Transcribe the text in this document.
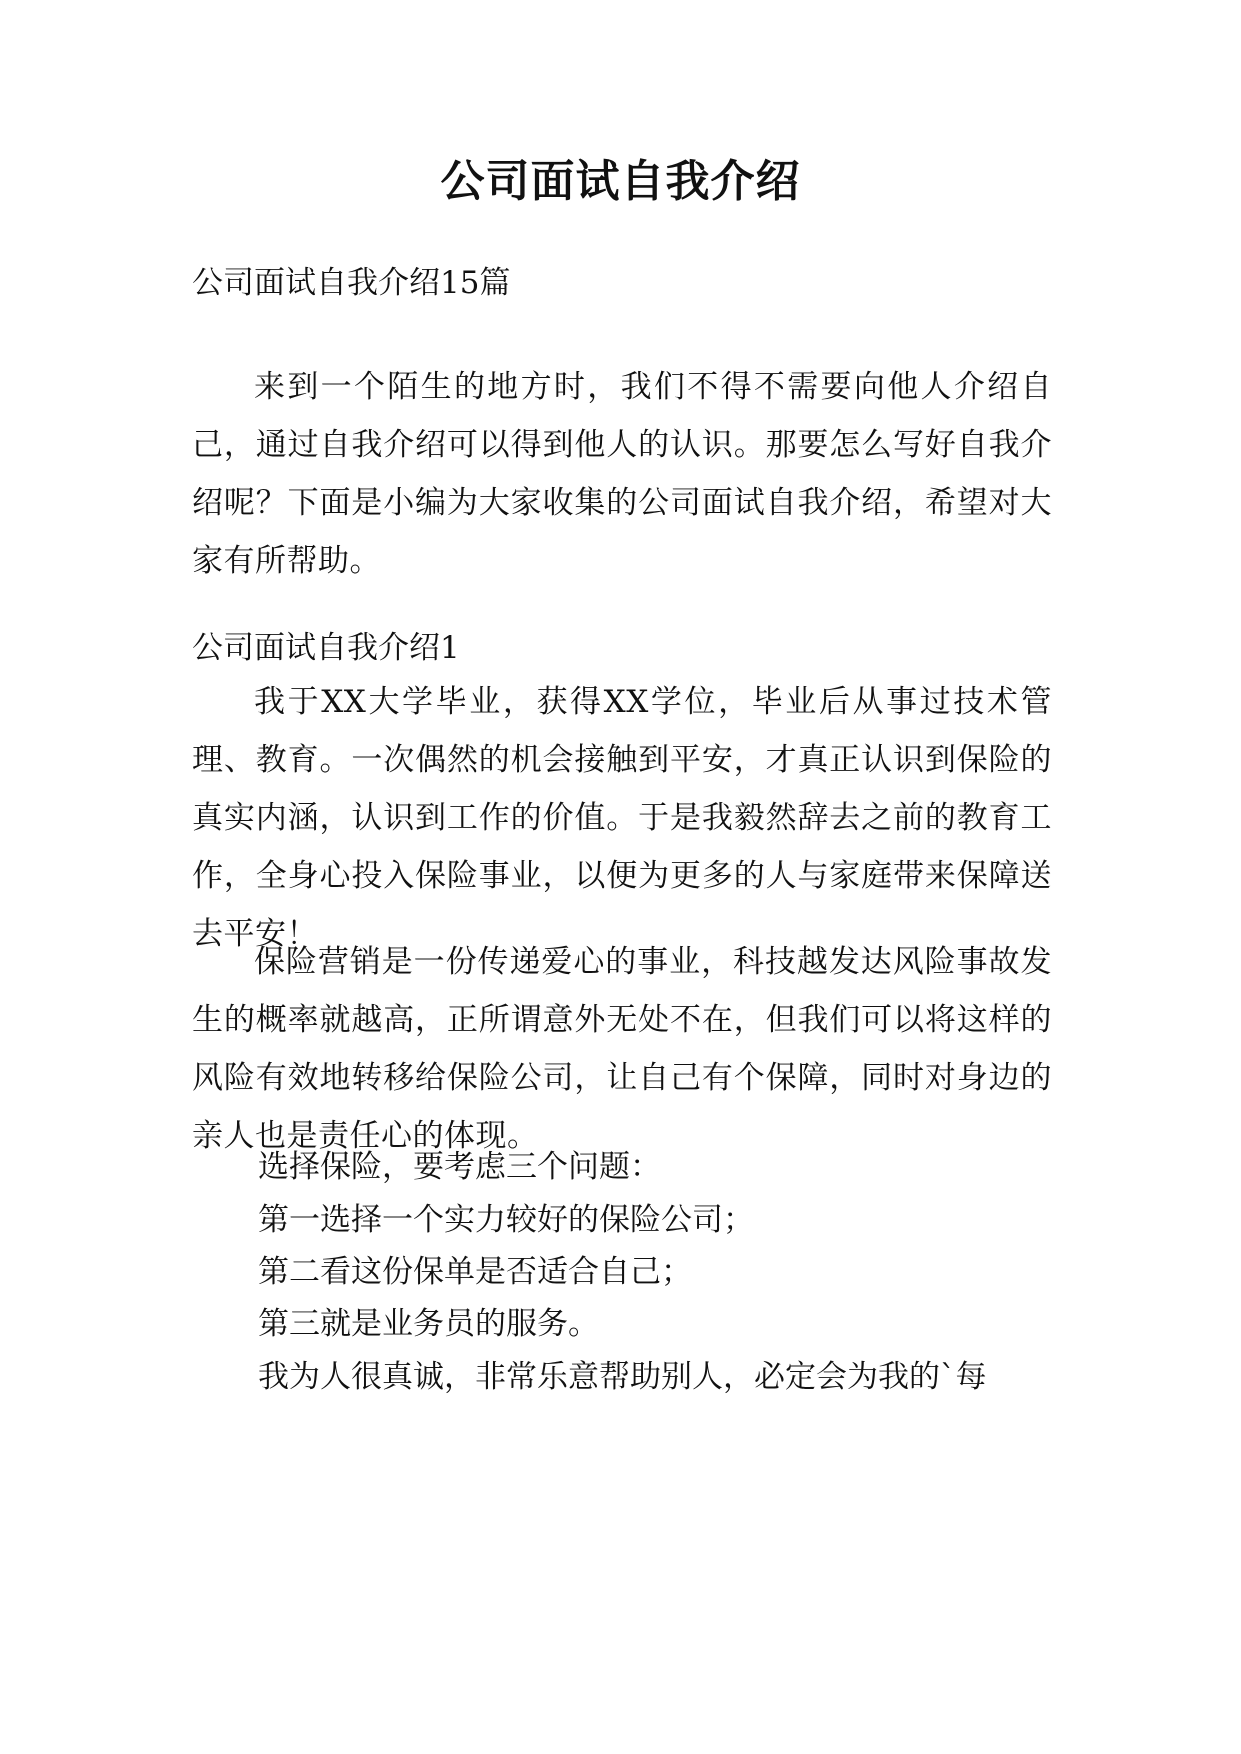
公司面试自我介绍

公司面试自我介绍15篇

来到一个陌生的地方时，我们不得不需要向他人介绍自己，通过自我介绍可以得到他人的认识。那要怎么写好自我介绍呢？下面是小编为大家收集的公司面试自我介绍，希望对大家有所帮助。

公司面试自我介绍1

我于XX大学毕业，获得XX学位，毕业后从事过技术管理、教育。一次偶然的机会接触到平安，才真正认识到保险的真实内涵，认识到工作的价值。于是我毅然辞去之前的教育工作，全身心投入保险事业，以便为更多的人与家庭带来保障送去平安！

保险营销是一份传递爱心的事业，科技越发达风险事故发生的概率就越高，正所谓意外无处不在，但我们可以将这样的风险有效地转移给保险公司，让自己有个保障，同时对身边的亲人也是责任心的体现。

选择保险，要考虑三个问题：

第一选择一个实力较好的保险公司；

第二看这份保单是否适合自己；

第三就是业务员的服务。

我为人很真诚，非常乐意帮助别人，必定会为我的`每
